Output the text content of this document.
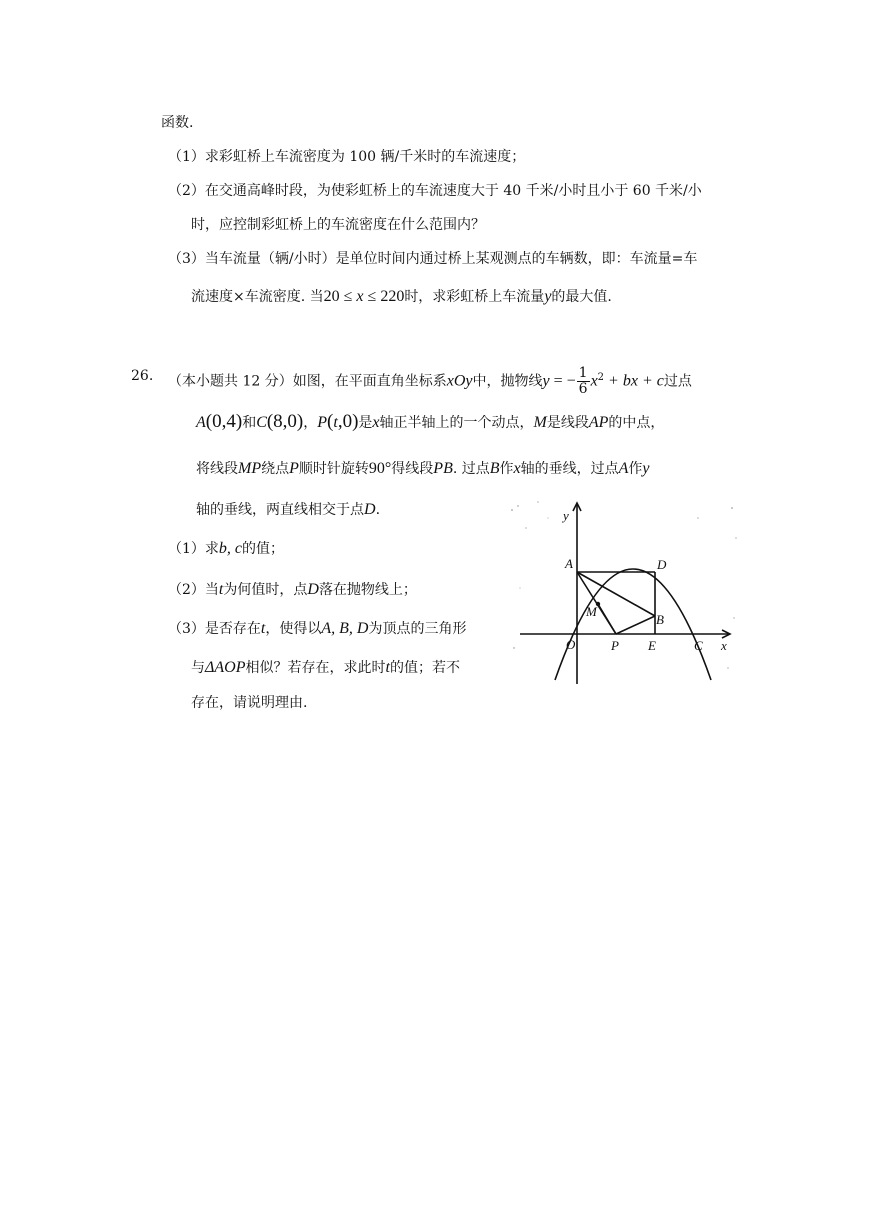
函数.
（1）求彩虹桥上车流密度为 100 辆/千米时的车流速度；
（2）在交通高峰时段，为使彩虹桥上的车流速度大于 40 千米/小时且小于 60 千米/小
时，应控制彩虹桥上的车流密度在什么范围内？
（3）当车流量（辆/小时）是单位时间内通过桥上某观测点的车辆数，即：车流量=车
流速度×车流密度. 当20 ≤ x ≤ 220时，求彩虹桥上车流量y的最大值.
26. （本小题共 12 分）如图，在平面直角坐标系xOy中，抛物线y = − $\frac{1}{6} x^2$ + bx + c过点
A(0,4)和C(8,0)，P(t,0)是x轴正半轴上的一个动点，M是线段AP的中点，
将线段MP绕点P顺时针旋转90°得线段PB. 过点B作x轴的垂线，过点A作y
轴的垂线，两直线相交于点D.
（1）求b, c的值；
（2）当t为何值时，点D落在抛物线上；
（3）是否存在t，使得以A, B, D为顶点的三角形
与ΔAOP相似？若存在，求此时t的值；若不
存在，请说明理由.
y
x
O
A	D
M
B
P E	C
